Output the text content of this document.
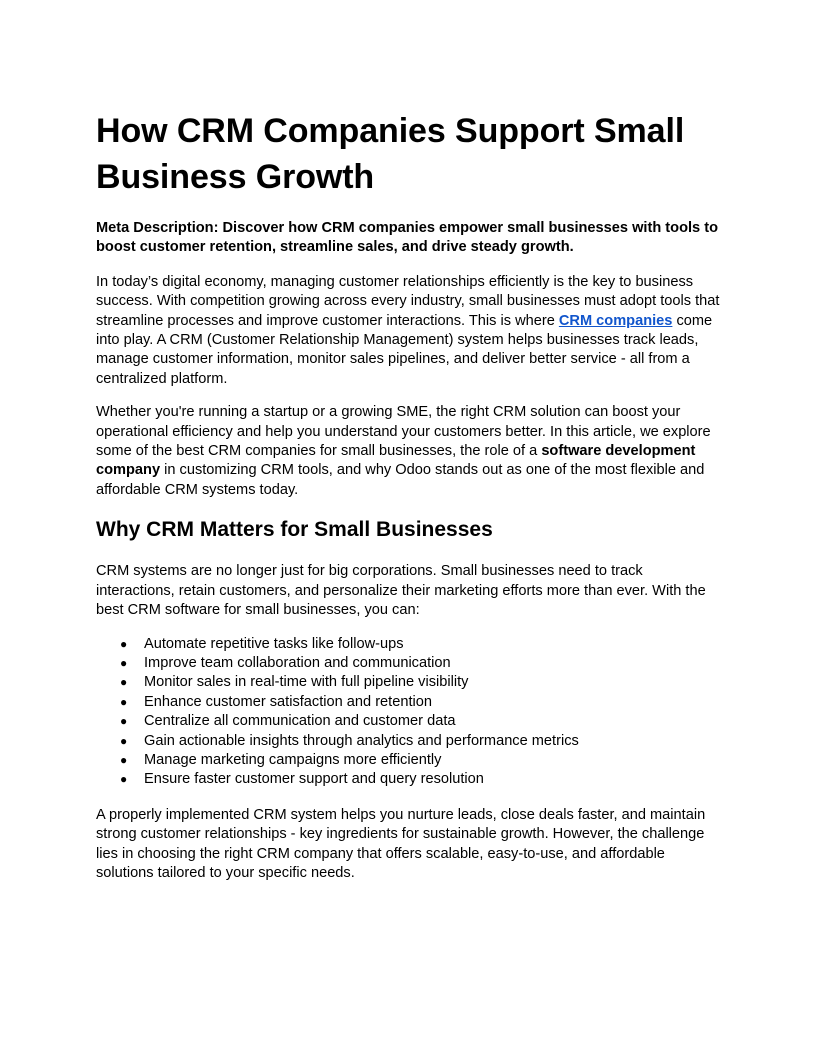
How CRM Companies Support Small Business Growth

Meta Description: Discover how CRM companies empower small businesses with tools to boost customer retention, streamline sales, and drive steady growth.

In today’s digital economy, managing customer relationships efficiently is the key to business success. With competition growing across every industry, small businesses must adopt tools that streamline processes and improve customer interactions. This is where CRM companies come into play. A CRM (Customer Relationship Management) system helps businesses track leads, manage customer information, monitor sales pipelines, and deliver better service - all from a centralized platform.

Whether you're running a startup or a growing SME, the right CRM solution can boost your operational efficiency and help you understand your customers better. In this article, we explore some of the best CRM companies for small businesses, the role of a software development company in customizing CRM tools, and why Odoo stands out as one of the most flexible and affordable CRM systems today.

Why CRM Matters for Small Businesses

CRM systems are no longer just for big corporations. Small businesses need to track interactions, retain customers, and personalize their marketing efforts more than ever. With the best CRM software for small businesses, you can:

● Automate repetitive tasks like follow-ups
● Improve team collaboration and communication
● Monitor sales in real-time with full pipeline visibility
● Enhance customer satisfaction and retention
● Centralize all communication and customer data
● Gain actionable insights through analytics and performance metrics
● Manage marketing campaigns more efficiently
● Ensure faster customer support and query resolution

A properly implemented CRM system helps you nurture leads, close deals faster, and maintain strong customer relationships - key ingredients for sustainable growth. However, the challenge lies in choosing the right CRM company that offers scalable, easy-to-use, and affordable solutions tailored to your specific needs.
